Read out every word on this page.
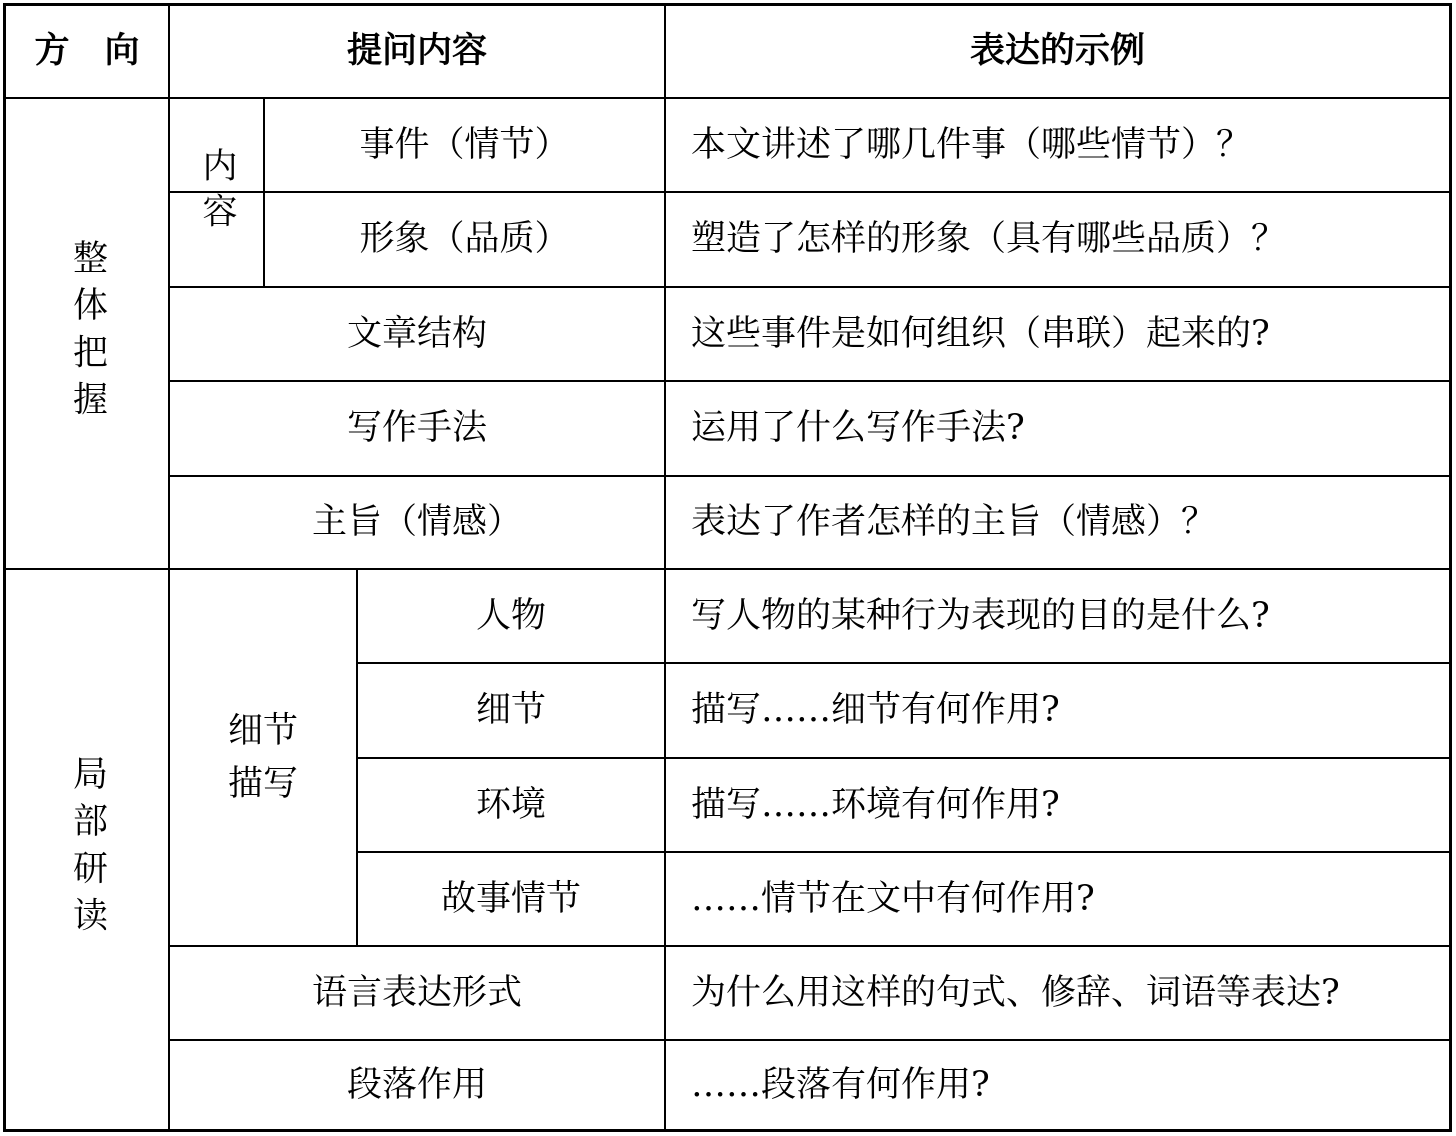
方　向	提问内容	表达的示例
整体把握
局部研读
内容
细节
描写
事件（情节）
形象（品质）
文章结构
写作手法
主旨（情感）
人物
细节
环境
故事情节
语言表达形式
段落作用
本文讲述了哪几件事（哪些情节）？
塑造了怎样的形象（具有哪些品质）？
这些事件是如何组织（串联）起来的?
运用了什么写作手法?
表达了作者怎样的主旨（情感）？
写人物的某种行为表现的目的是什么?
描写……细节有何作用?
描写……环境有何作用?
……情节在文中有何作用?
为什么用这样的句式、修辞、词语等表达?
……段落有何作用?
